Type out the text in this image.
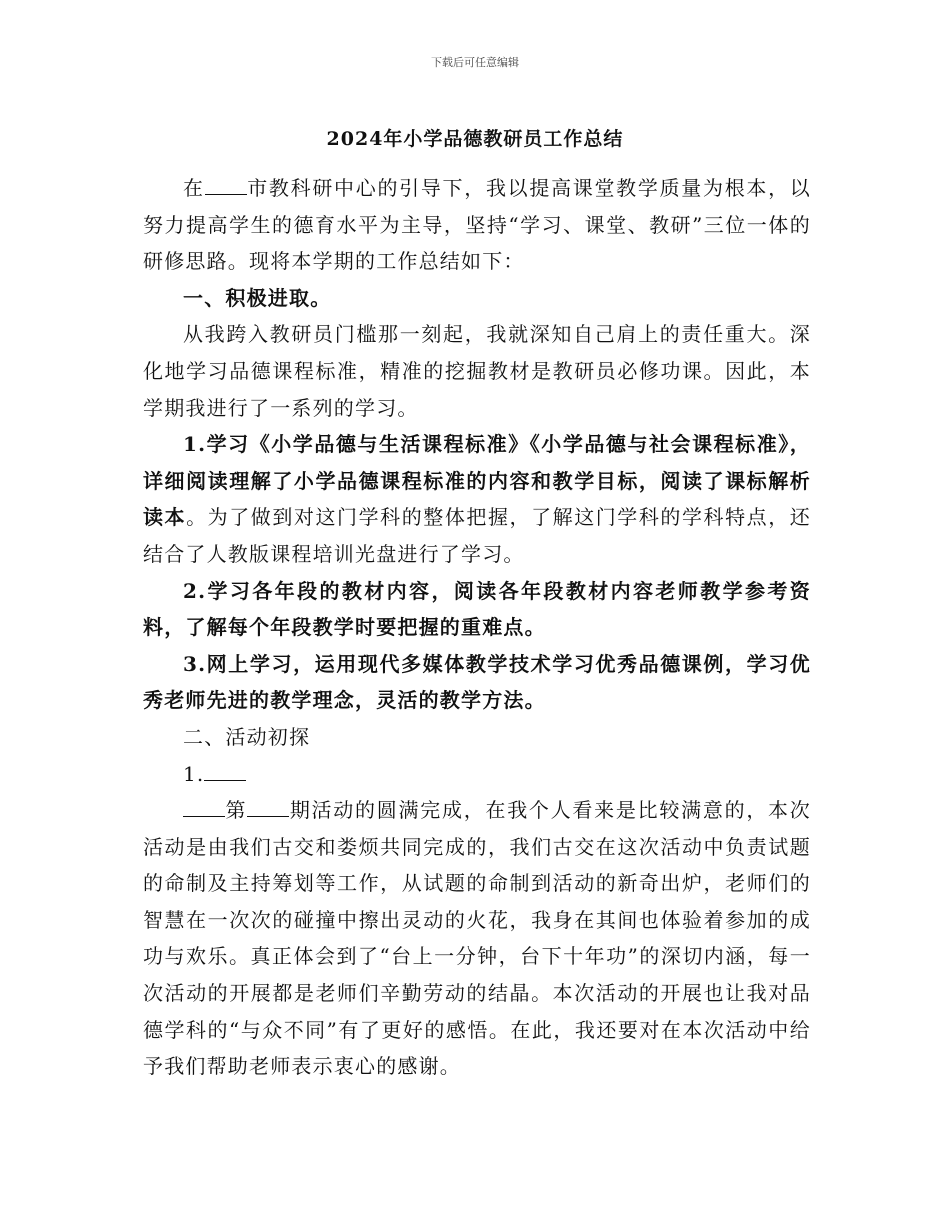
下载后可任意编辑
2024年小学品德教研员工作总结

在 市教科研中心的引导下，我以提高课堂教学质量为根本，以努力提高学生的德育水平为主导，坚持“学习、课堂、教研”三位一体的研修思路。现将本学期的工作总结如下：

一、积极进取。

从我跨入教研员门槛那一刻起，我就深知自己肩上的责任重大。深化地学习品德课程标准，精准的挖掘教材是教研员必修功课。因此，本学期我进行了一系列的学习。

1.学习《小学品德与生活课程标准》《小学品德与社会课程标准》，详细阅读理解了小学品德课程标准的内容和教学目标，阅读了课标解析读本。为了做到对这门学科的整体把握，了解这门学科的学科特点，还结合了人教版课程培训光盘进行了学习。

2.学习各年段的教材内容，阅读各年段教材内容老师教学参考资料，了解每个年段教学时要把握的重难点。

3.网上学习，运用现代多媒体教学技术学习优秀品德课例，学习优秀老师先进的教学理念，灵活的教学方法。

二、活动初探

1.

第 期活动的圆满完成，在我个人看来是比较满意的，本次活动是由我们古交和娄烦共同完成的，我们古交在这次活动中负责试题的命制及主持筹划等工作，从试题的命制到活动的新奇出炉，老师们的智慧在一次次的碰撞中擦出灵动的火花，我身在其间也体验着参加的成功与欢乐。真正体会到了“台上一分钟，台下十年功”的深切内涵，每一次活动的开展都是老师们辛勤劳动的结晶。本次活动的开展也让我对品德学科的“与众不同”有了更好的感悟。在此，我还要对在本次活动中给予我们帮助老师表示衷心的感谢。
